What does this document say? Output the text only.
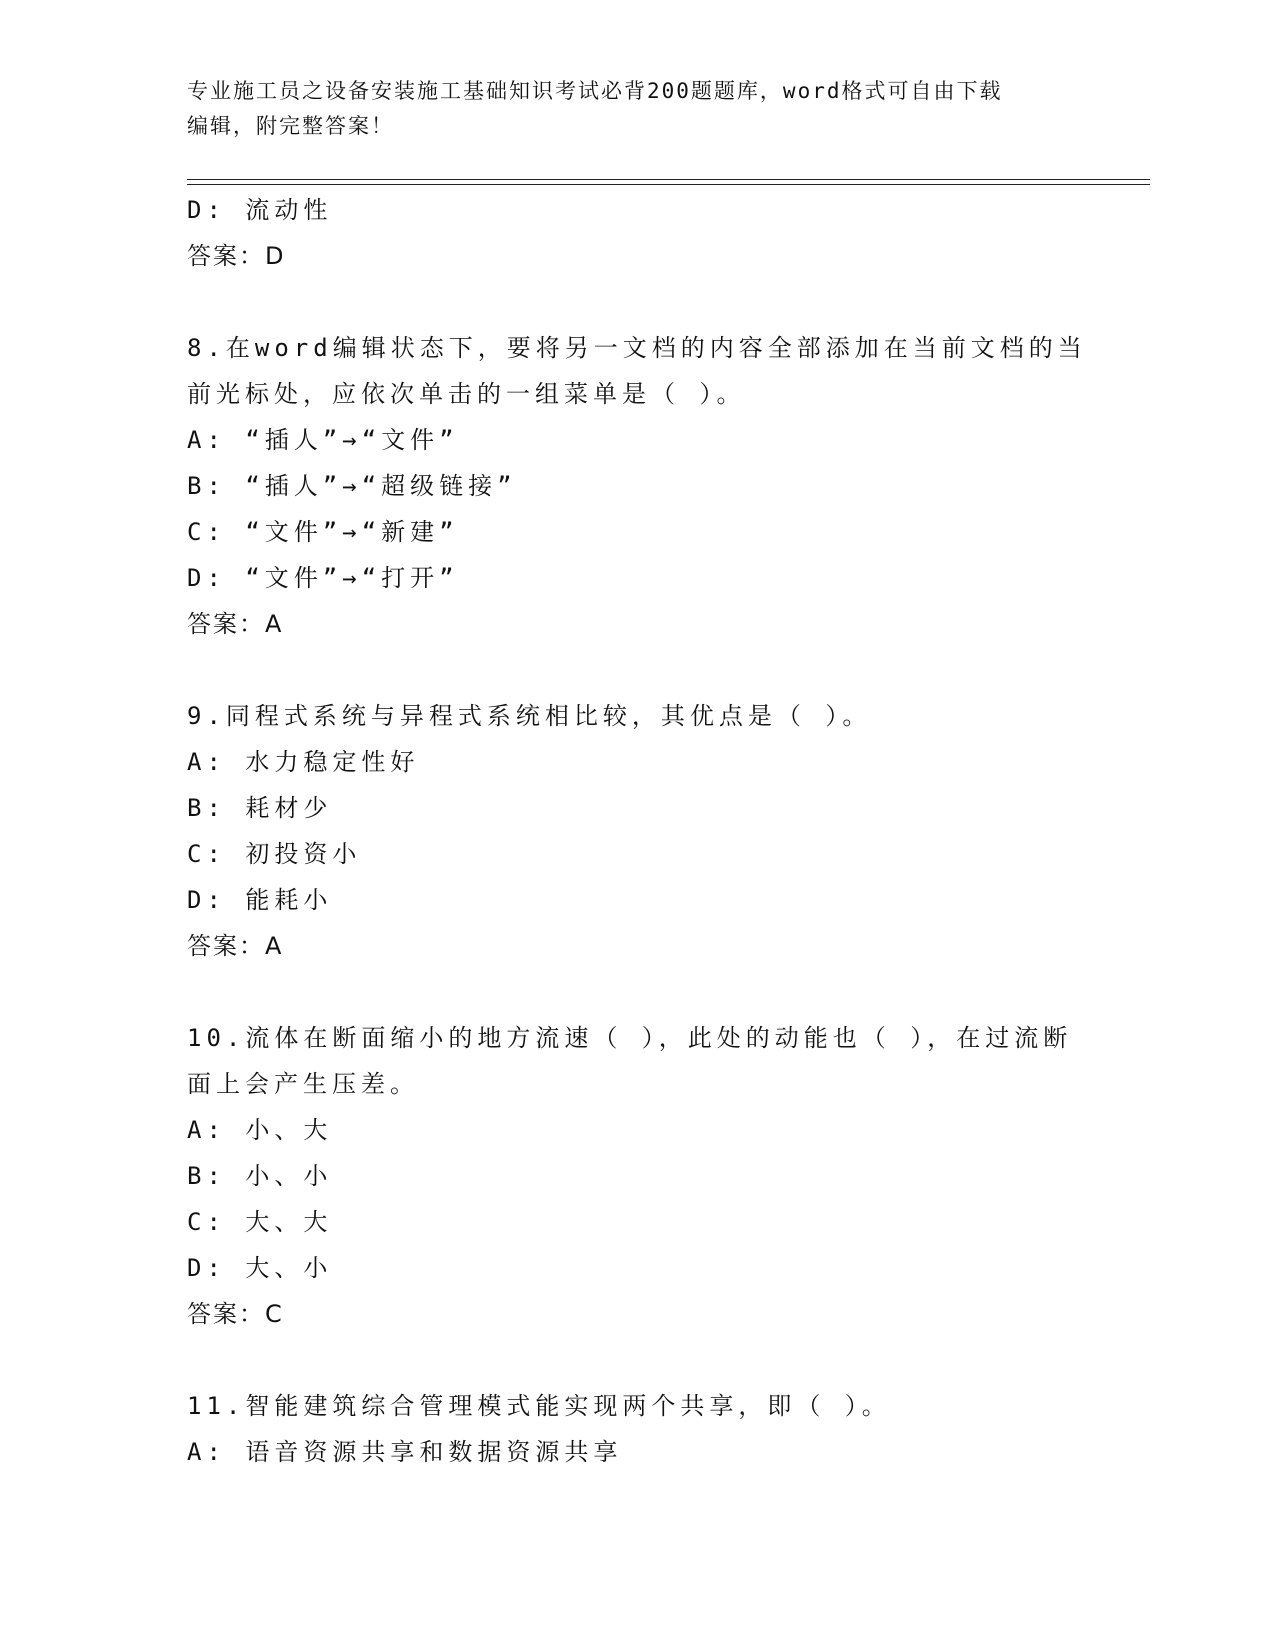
专业施工员之设备安装施工基础知识考试必背200题题库，word格式可自由下载
编辑，附完整答案！
D: 流动性
答案：D
8.在word编辑状态下，要将另一文档的内容全部添加在当前文档的当
前光标处，应依次单击的一组菜单是（ ）。
A: “插人”→“文件”
B: “插人”→“超级链接”
C: “文件”→“新建”
D: “文件”→“打开”
答案：A
9.同程式系统与异程式系统相比较，其优点是（ ）。
A: 水力稳定性好
B: 耗材少
C: 初投资小
D: 能耗小
答案：A
10.流体在断面缩小的地方流速（ ），此处的动能也（ ），在过流断
面上会产生压差。
A: 小、大
B: 小、小
C: 大、大
D: 大、小
答案：C
11.智能建筑综合管理模式能实现两个共享，即（ ）。
A: 语音资源共享和数据资源共享
